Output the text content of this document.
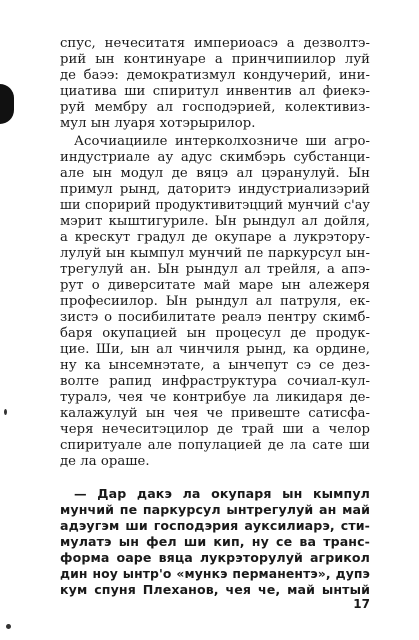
спус, нечеситатя империоасэ а дезволтэ-
рий ын континуаре а принчипиилор луй
де баээ: демократизмул кондучерий, ини-
циатива ши спиритул инвентив ал фиекэ-
руй мембру ал господэрией, колективиз-
мул ын луаря хотэрырилор.
Асочиацииле интерколхозниче ши агро-
индустриале ау адус скимбэрь субстанци-
але ын модул де вяцэ ал цэранулуй. Ын
примул рынд, даторитэ индустриализэрий
ши споририй продуктивитэцций мунчий с'ау
мэрит кыштигуриле. Ын рындул ал дойля,
а крескут градул де окупаре а лукрэтору-
лулуй ын кымпул мунчий пе паркурсул ын-
трегулуй ан. Ын рындул ал трейля, а апэ-
рут о диверситате май маре ын алежеря
професиилор. Ын рындул ал патруля, ек-
зистэ о посибилитате реалэ пентру скимб-
баря окупацией ын процесул де продук-
цие. Ши, ын ал чинчиля рынд, ка ордине,
ну ка ынсемнэтате, а ынчепут сэ се дез-
волте рапид инфраструктура сочиал-кул-
туралэ, чея че контрибуе ла ликидаря де-
калажулуй ын чея че привеште сатисфа-
черя нечеситэцилор де трай ши а челор
спиритуале але популацией де ла сате ши
де ла ораше.
— Дар дакэ ла окупаря ын кымпул
мунчий пе паркурсул ынтрегулуй ан май
адэугэм ши господэрия ауксилиарэ, сти-
мулатэ ын фел ши кип, ну се ва транс-
форма оаре вяца лукрэторулуй агрикол
дин ноу ынтр'о «мункэ перманентэ», дупэ
кум спуня Плеханов, чея че, май ынтый
17
